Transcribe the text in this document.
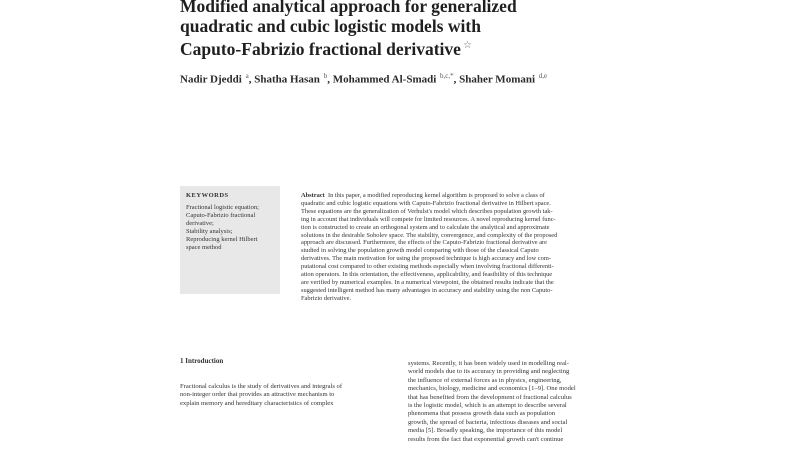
Modified analytical approach for generalized
quadratic and cubic logistic models with
Caputo-Fabrizio fractional derivative ☆
Nadir Djeddi $^a$, Shatha Hasan $^b$, Mohammed Al-Smadi $^{b,c,*}$, Shaher Momani $^{d,e}$
KEYWORDS
Fractional logistic equation;
Caputo-Fabrizio fractional
derivative;
Stability analysis;
Reproducing kernel Hilbert
space method
Abstract In this paper, a modified reproducing kernel algorithm is proposed to solve a class of
quadratic and cubic logistic equations with Caputo-Fabrizio fractional derivative in Hilbert space.
These equations are the generalization of Verhulst's model which describes population growth tak-
ing in account that individuals will compete for limited resources. A novel reproducing kernel func-
tion is constructed to create an orthogonal system and to calculate the analytical and approximate
solutions in the desirable Sobolev space. The stability, convergence, and complexity of the proposed
approach are discussed. Furthermore, the effects of the Caputo-Fabrizio fractional derivative are
studied in solving the population growth model comparing with those of the classical Caputo
derivatives. The main motivation for using the proposed technique is high accuracy and low com-
putational cost compared to other existing methods especially when involving fractional differenti-
ation operators. In this orientation, the effectiveness, applicability, and feasibility of this technique
are verified by numerical examples. In a numerical viewpoint, the obtained results indicate that the
suggested intelligent method has many advantages in accuracy and stability using the non Caputo-
Fabrizio derivative.
1 Introduction
Fractional calculus is the study of derivatives and integrals of
non-integer order that provides an attractive mechanism to
explain memory and hereditary characteristics of complex
systems. Recently, it has been widely used in modelling real-
world models due to its accuracy in providing and neglecting
the influence of external forces as in physics, engineering,
mechanics, biology, medicine and economics [1–9]. One model
that has benefited from the development of fractional calculus
is the logistic model, which is an attempt to describe several
phenomena that possess growth data such as population
growth, the spread of bacteria, infectious diseases and social
media [5]. Broadly speaking, the importance of this model
results from the fact that exponential growth can't continue
